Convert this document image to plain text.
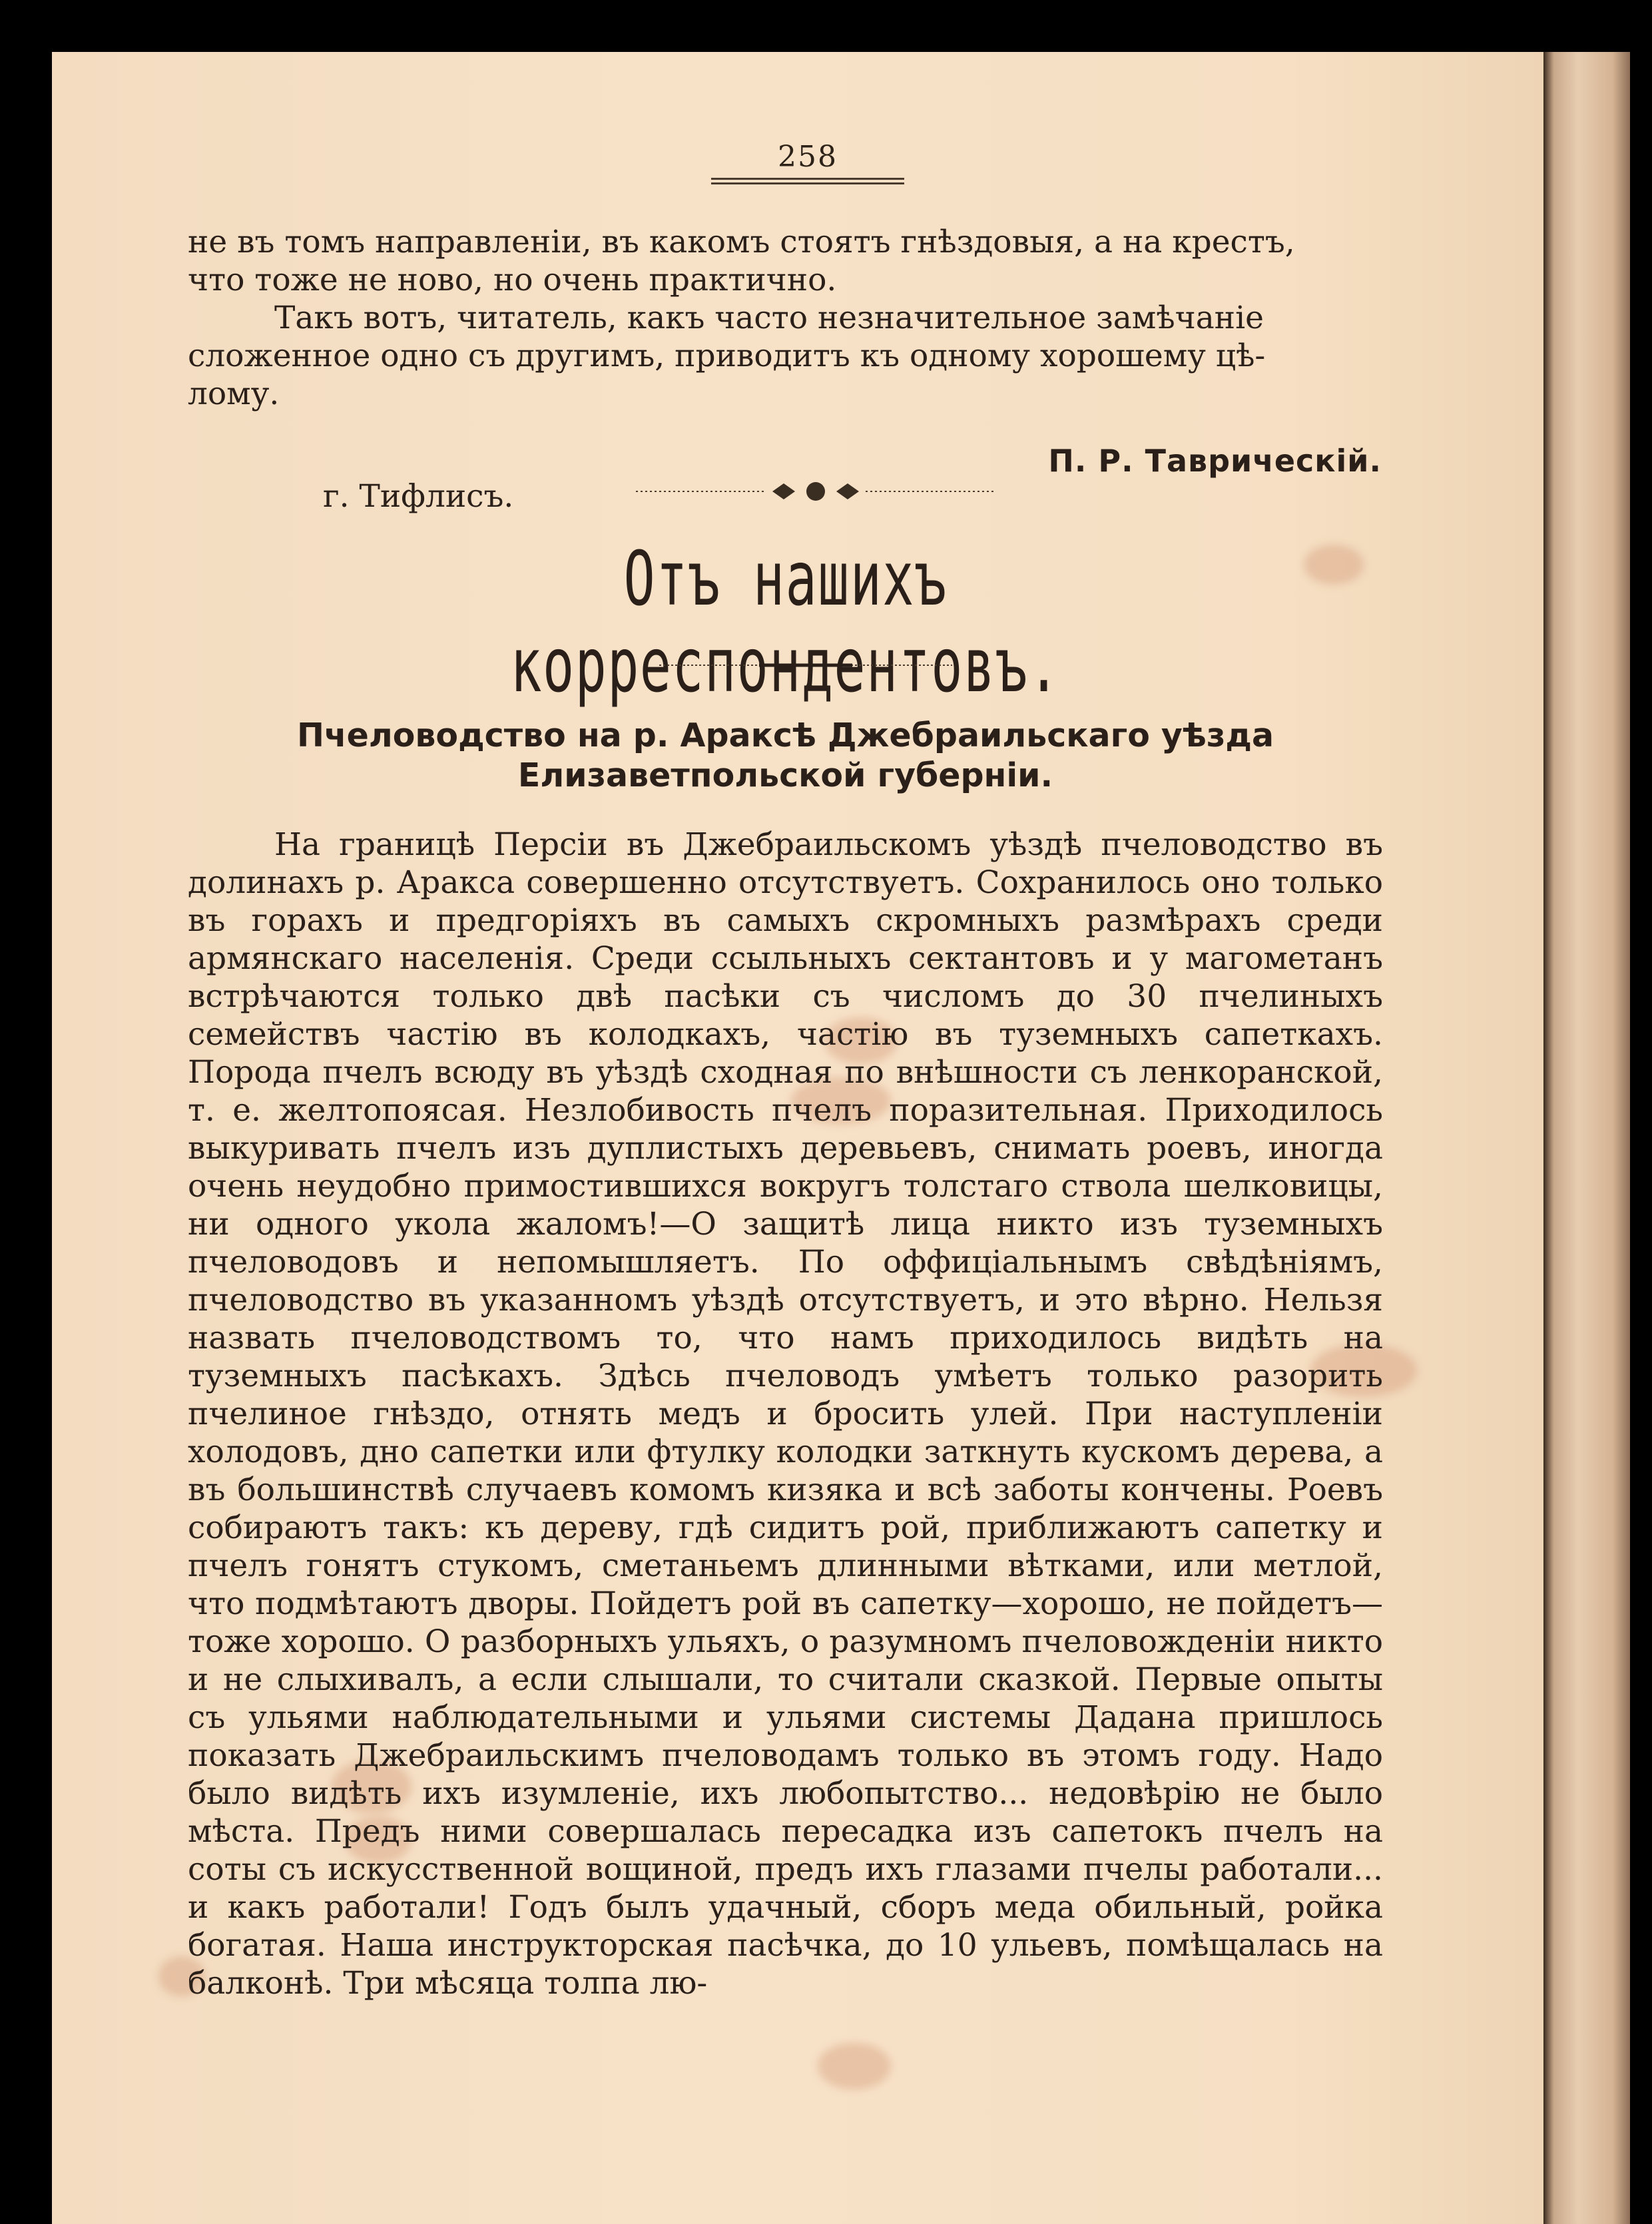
258

не въ томъ направленіи, въ какомъ стоятъ гнѣздовыя, а на крестъ,

что тоже не ново, но очень практично.

Такъ вотъ, читатель, какъ часто незначительное замѣчаніе

сложенное одно съ другимъ, приводитъ къ одному хорошему цѣ-

лому.

П. Р. Таврическій.
г. Тифлисъ.
Отъ нашихъ корреспондентовъ.
Пчеловодство на р. Араксѣ Джебраильскаго уѣзда
Елизаветпольской губерніи.

На границѣ Персіи въ Джебраильскомъ уѣздѣ пчеловодство въ долинахъ р. Аракса совершенно отсутствуетъ. Сохранилось оно только въ горахъ и предгоріяхъ въ самыхъ скромныхъ размѣрахъ среди армянскаго населенія. Среди ссыльныхъ сектантовъ и у магометанъ встрѣчаются только двѣ пасѣки съ числомъ до 30 пчелиныхъ семействъ частію въ колодкахъ, частію въ туземныхъ сапеткахъ. Порода пчелъ всюду въ уѣздѣ сходная по внѣшности съ ленкоранской, т. е. желтопоясая. Незлобивость пчелъ поразительная. Приходилось выкуривать пчелъ изъ дуплистыхъ деревьевъ, снимать роевъ, иногда очень неудобно примостившихся вокругъ толстаго ствола шелковицы, ни одного укола жаломъ!—О защитѣ лица никто изъ туземныхъ пчеловодовъ и непомышляетъ. По оффиціальнымъ свѣдѣніямъ, пчеловодство въ указанномъ уѣздѣ отсутствуетъ, и это вѣрно. Нельзя назвать пчеловодствомъ то, что намъ приходилось видѣть на туземныхъ пасѣкахъ. Здѣсь пчеловодъ умѣетъ только разорить пчелиное гнѣздо, отнять медъ и бросить улей. При наступленіи холодовъ, дно сапетки или фтулку колодки заткнуть кускомъ дерева, а въ большинствѣ случаевъ комомъ кизяка и всѣ заботы кончены. Роевъ собираютъ такъ: къ дереву, гдѣ сидитъ рой, приближаютъ сапетку и пчелъ гонятъ стукомъ, сметаньемъ длинными вѣтками, или метлой, что подмѣтаютъ дворы. Пойдетъ рой въ сапетку—хорошо, не пойдетъ—тоже хорошо. О разборныхъ ульяхъ, о разумномъ пчеловожденіи никто и не слыхивалъ, а если слышали, то считали сказкой. Первые опыты съ ульями наблюдательными и ульями системы Дадана пришлось показать Джебраильскимъ пчеловодамъ только въ этомъ году. Надо было видѣть ихъ изумленіе, ихъ любопытство... недовѣрію не было мѣста. Предъ ними совершалась пересадка изъ сапетокъ пчелъ на соты съ искусственной вощиной, предъ ихъ глазами пчелы работали... и какъ работали! Годъ былъ удачный, сборъ меда обильный, ройка богатая. Наша инструкторская пасѣчка, до 10 ульевъ, помѣщалась на балконѣ. Три мѣсяца толпа лю-
